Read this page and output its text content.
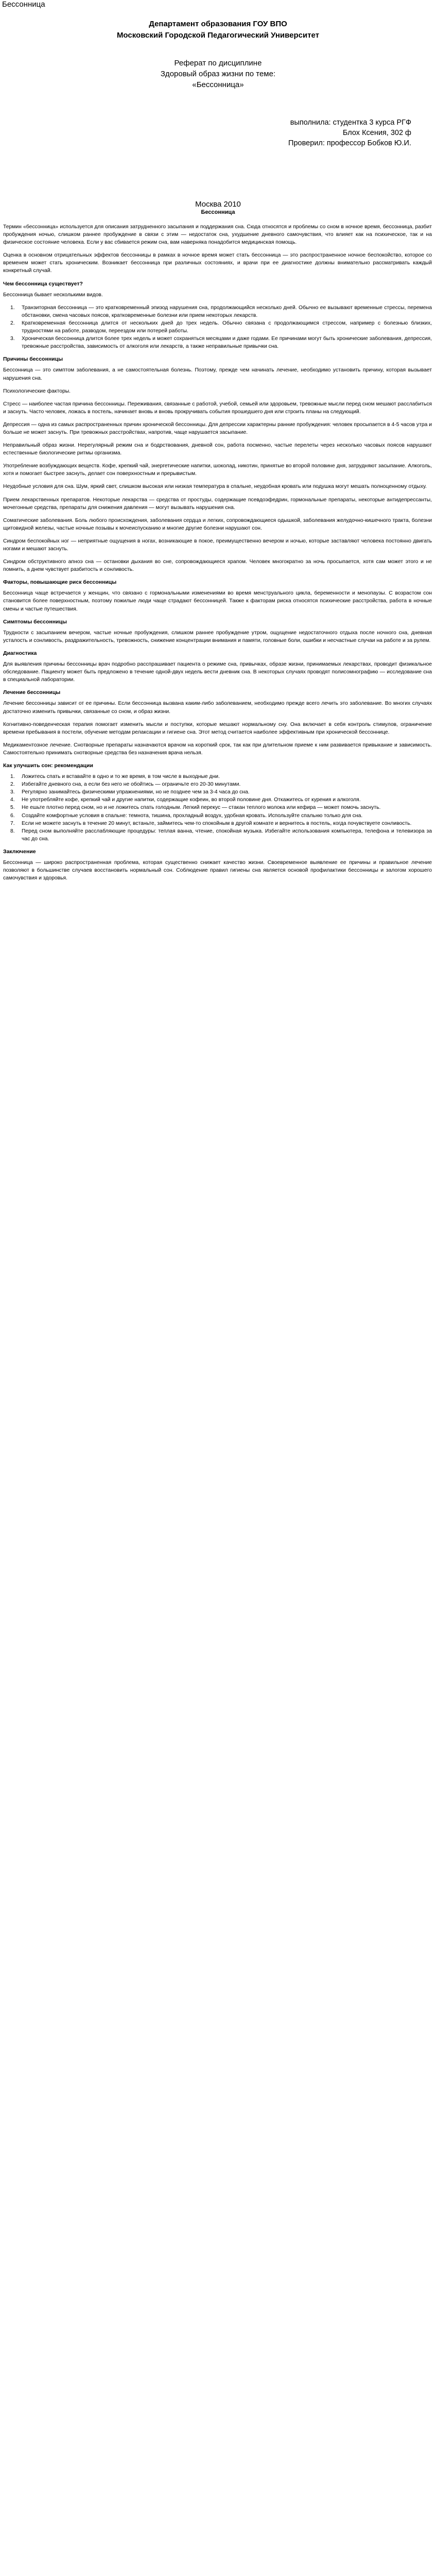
Бессонница
Департамент образования ГОУ ВПО
Московский Городской Педагогический Университет
Реферат по дисциплине
Здоровый образ жизни по теме:
«Бессонница»
выполнила: студентка 3 курса РГФ
Блох Ксения, 302 ф
Проверил: профессор Бобков Ю.И.
Москва 2010
Бессонница

Термин «бессонница» используется для описания затрудненного засыпания и поддержания сна. Сюда относятся и проблемы со сном в ночное время, бессонница, разбит пробуждения ночью, слишком раннее пробуждение в связи с этим — недостаток сна, ухудшение дневного самочувствия, что влияет как на психическое, так и на физическое состояние человека. Если у вас сбивается режим сна, вам наверняка понадобится медицинская помощь.

Оценка в основном отрицательных эффектов бессонницы в рамках в ночное время может стать бессонница — это распространенное ночное беспокойство, которое со временем может стать хроническим. Возникает бессонница при различных состояниях, и врачи при ее диагностике должны внимательно рассматривать каждый конкретный случай.

Чем бессонница существует?

Бессонница бывает несколькими видов.

1.	Транзиторная бессонница — это кратковременный эпизод нарушения сна, продолжающийся несколько дней. Обычно ее вызывают временные стрессы, перемена обстановки, смена часовых поясов, кратковременные болезни или прием некоторых лекарств.
2.	Кратковременная бессонница длится от нескольких дней до трех недель. Обычно связана с продолжающимся стрессом, например с болезнью близких, трудностями на работе, разводом, переездом или потерей работы.
3.	Хроническая бессонница длится более трех недель и может сохраняться месяцами и даже годами. Ее причинами могут быть хронические заболевания, депрессия, тревожные расстройства, зависимость от алкоголя или лекарств, а также неправильные привычки сна.
Причины бессонницы

Бессонница — это симптом заболевания, а не самостоятельная болезнь. Поэтому, прежде чем начинать лечение, необходимо установить причину, которая вызывает нарушения сна.

Психологические факторы.

Стресс — наиболее частая причина бессонницы. Переживания, связанные с работой, учебой, семьей или здоровьем, тревожные мысли перед сном мешают расслабиться и заснуть. Часто человек, ложась в постель, начинает вновь и вновь прокручивать события прошедшего дня или строить планы на следующий.

Депрессия — одна из самых распространенных причин хронической бессонницы. Для депрессии характерны ранние пробуждения: человек просыпается в 4-5 часов утра и больше не может заснуть. При тревожных расстройствах, напротив, чаще нарушается засыпание.

Неправильный образ жизни. Нерегулярный режим сна и бодрствования, дневной сон, работа посменно, частые перелеты через несколько часовых поясов нарушают естественные биологические ритмы организма.

Употребление возбуждающих веществ. Кофе, крепкий чай, энергетические напитки, шоколад, никотин, принятые во второй половине дня, затрудняют засыпание. Алкоголь, хотя и помогает быстрее заснуть, делает сон поверхностным и прерывистым.

Неудобные условия для сна. Шум, яркий свет, слишком высокая или низкая температура в спальне, неудобная кровать или подушка могут мешать полноценному отдыху.

Прием лекарственных препаратов. Некоторые лекарства — средства от простуды, содержащие псевдоэфедрин, гормональные препараты, некоторые антидепрессанты, мочегонные средства, препараты для снижения давления — могут вызывать нарушения сна.

Соматические заболевания. Боль любого происхождения, заболевания сердца и легких, сопровождающиеся одышкой, заболевания желудочно-кишечного тракта, болезни щитовидной железы, частые ночные позывы к мочеиспусканию и многие другие болезни нарушают сон.

Синдром беспокойных ног — неприятные ощущения в ногах, возникающие в покое, преимущественно вечером и ночью, которые заставляют человека постоянно двигать ногами и мешают заснуть.

Синдром обструктивного апноэ сна — остановки дыхания во сне, сопровождающиеся храпом. Человек многократно за ночь просыпается, хотя сам может этого и не помнить, а днем чувствует разбитость и сонливость.

Факторы, повышающие риск бессонницы

Бессонница чаще встречается у женщин, что связано с гормональными изменениями во время менструального цикла, беременности и менопаузы. С возрастом сон становится более поверхностным, поэтому пожилые люди чаще страдают бессонницей. Также к факторам риска относятся психические расстройства, работа в ночные смены и частые путешествия.

Симптомы бессонницы

Трудности с засыпанием вечером, частые ночные пробуждения, слишком раннее пробуждение утром, ощущение недостаточного отдыха после ночного сна, дневная усталость и сонливость, раздражительность, тревожность, снижение концентрации внимания и памяти, головные боли, ошибки и несчастные случаи на работе и за рулем.

Диагностика

Для выявления причины бессонницы врач подробно расспрашивает пациента о режиме сна, привычках, образе жизни, принимаемых лекарствах, проводит физикальное обследование. Пациенту может быть предложено в течение одной-двух недель вести дневник сна. В некоторых случаях проводят полисомнографию — исследование сна в специальной лаборатории.

Лечение бессонницы

Лечение бессонницы зависит от ее причины. Если бессонница вызвана каким-либо заболеванием, необходимо прежде всего лечить это заболевание. Во многих случаях достаточно изменить привычки, связанные со сном, и образ жизни.

Когнитивно-поведенческая терапия помогает изменить мысли и поступки, которые мешают нормальному сну. Она включает в себя контроль стимулов, ограничение времени пребывания в постели, обучение методам релаксации и гигиене сна. Этот метод считается наиболее эффективным при хронической бессоннице.

Медикаментозное лечение. Снотворные препараты назначаются врачом на короткий срок, так как при длительном приеме к ним развивается привыкание и зависимость. Самостоятельно принимать снотворные средства без назначения врача нельзя.

Как улучшить сон: рекомендации
1.	Ложитесь спать и вставайте в одно и то же время, в том числе в выходные дни.
2.	Избегайте дневного сна, а если без него не обойтись — ограничьте его 20-30 минутами.
3.	Регулярно занимайтесь физическими упражнениями, но не позднее чем за 3-4 часа до сна.
4.	Не употребляйте кофе, крепкий чай и другие напитки, содержащие кофеин, во второй половине дня. Откажитесь от курения и алкоголя.
5.	Не ешьте плотно перед сном, но и не ложитесь спать голодным. Легкий перекус — стакан теплого молока или кефира — может помочь заснуть.
6.	Создайте комфортные условия в спальне: темнота, тишина, прохладный воздух, удобная кровать. Используйте спальню только для сна.
7.	Если не можете заснуть в течение 20 минут, встаньте, займитесь чем-то спокойным в другой комнате и вернитесь в постель, когда почувствуете сонливость.
8.	Перед сном выполняйте расслабляющие процедуры: теплая ванна, чтение, спокойная музыка. Избегайте использования компьютера, телефона и телевизора за час до сна.
Заключение

Бессонница — широко распространенная проблема, которая существенно снижает качество жизни. Своевременное выявление ее причины и правильное лечение позволяют в большинстве случаев восстановить нормальный сон. Соблюдение правил гигиены сна является основой профилактики бессонницы и залогом хорошего самочувствия и здоровья.
